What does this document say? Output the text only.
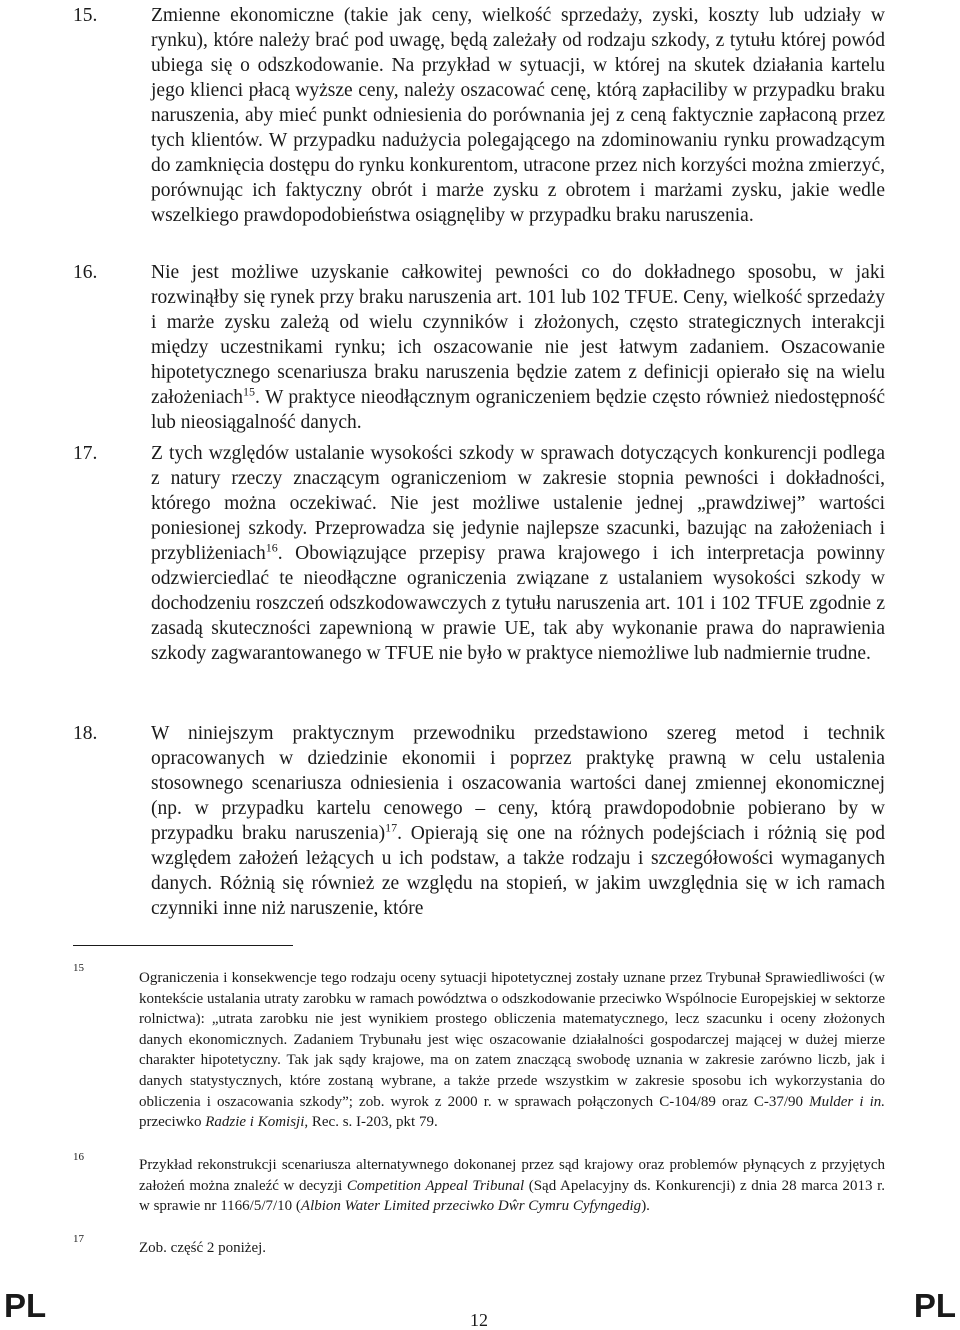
15.	Zmienne ekonomiczne (takie jak ceny, wielkość sprzedaży, zyski, koszty lub udziały w rynku), które należy brać pod uwagę, będą zależały od rodzaju szkody, z tytułu której powód ubiega się o odszkodowanie. Na przykład w sytuacji, w której na skutek działania kartelu jego klienci płacą wyższe ceny, należy oszacować cenę, którą zapłaciliby w przypadku braku naruszenia, aby mieć punkt odniesienia do porównania jej z ceną faktycznie zapłaconą przez tych klientów. W przypadku nadużycia polegającego na zdominowaniu rynku prowadzącym do zamknięcia dostępu do rynku konkurentom, utracone przez nich korzyści można zmierzyć, porównując ich faktyczny obrót i marże zysku z obrotem i marżami zysku, jakie wedle wszelkiego prawdopodobieństwa osiągnęliby w przypadku braku naruszenia.
16.	Nie jest możliwe uzyskanie całkowitej pewności co do dokładnego sposobu, w jaki rozwinąłby się rynek przy braku naruszenia art. 101 lub 102 TFUE. Ceny, wielkość sprzedaży i marże zysku zależą od wielu czynników i złożonych, często strategicznych interakcji między uczestnikami rynku; ich oszacowanie nie jest łatwym zadaniem. Oszacowanie hipotetycznego scenariusza braku naruszenia będzie zatem z definicji opierało się na wielu założeniach$^{15}$. W praktyce nieodłącznym ograniczeniem będzie często również niedostępność lub nieosiągalność danych.
17.	Z tych względów ustalanie wysokości szkody w sprawach dotyczących konkurencji podlega z natury rzeczy znaczącym ograniczeniom w zakresie stopnia pewności i dokładności, którego można oczekiwać. Nie jest możliwe ustalenie jednej „prawdziwej” wartości poniesionej szkody. Przeprowadza się jedynie najlepsze szacunki, bazując na założeniach i przybliżeniach$^{16}$. Obowiązujące przepisy prawa krajowego i ich interpretacja powinny odzwierciedlać te nieodłączne ograniczenia związane z ustalaniem wysokości szkody w dochodzeniu roszczeń odszkodowawczych z tytułu naruszenia art. 101 i 102 TFUE zgodnie z zasadą skuteczności zapewnioną w prawie UE, tak aby wykonanie prawa do naprawienia szkody zagwarantowanego w TFUE nie było w praktyce niemożliwe lub nadmiernie trudne.
18.	W niniejszym praktycznym przewodniku przedstawiono szereg metod i technik opracowanych w dziedzinie ekonomii i poprzez praktykę prawną w celu ustalenia stosownego scenariusza odniesienia i oszacowania wartości danej zmiennej ekonomicznej (np. w przypadku kartelu cenowego – ceny, którą prawdopodobnie pobierano by w przypadku braku naruszenia)$^{17}$. Opierają się one na różnych podejściach i różnią się pod względem założeń leżących u ich podstaw, a także rodzaju i szczegółowości wymaganych danych. Różnią się również ze względu na stopień, w jakim uwzględnia się w ich ramach czynniki inne niż naruszenie, które
15
Ograniczenia i konsekwencje tego rodzaju oceny sytuacji hipotetycznej zostały uznane przez Trybunał Sprawiedliwości (w kontekście ustalania utraty zarobku w ramach powództwa o odszkodowanie przeciwko Wspólnocie Europejskiej w sektorze rolnictwa): „utrata zarobku nie jest wynikiem prostego obliczenia matematycznego, lecz szacunku i oceny złożonych danych ekonomicznych. Zadaniem Trybunału jest więc oszacowanie działalności gospodarczej mającej w dużej mierze charakter hipotetyczny. Tak jak sądy krajowe, ma on zatem znaczącą swobodę uznania w zakresie zarówno liczb, jak i danych statystycznych, które zostaną wybrane, a także przede wszystkim w zakresie sposobu ich wykorzystania do obliczenia i oszacowania szkody”; zob. wyrok z 2000 r. w sprawach połączonych C-104/89 oraz C-37/90 Mulder i in. przeciwko Radzie i Komisji, Rec. s. I-203, pkt 79.
16	Przykład rekonstrukcji scenariusza alternatywnego dokonanej przez sąd krajowy oraz problemów płynących z przyjętych założeń można znaleźć w decyzji Competition Appeal Tribunal (Sąd Apelacyjny ds. Konkurencji) z dnia 28 marca 2013 r. w sprawie nr 1166/5/7/10 (Albion Water Limited przeciwko Dŵr Cymru Cyfyngedig).
17
Zob. część 2 poniżej.
PL	12	PL
